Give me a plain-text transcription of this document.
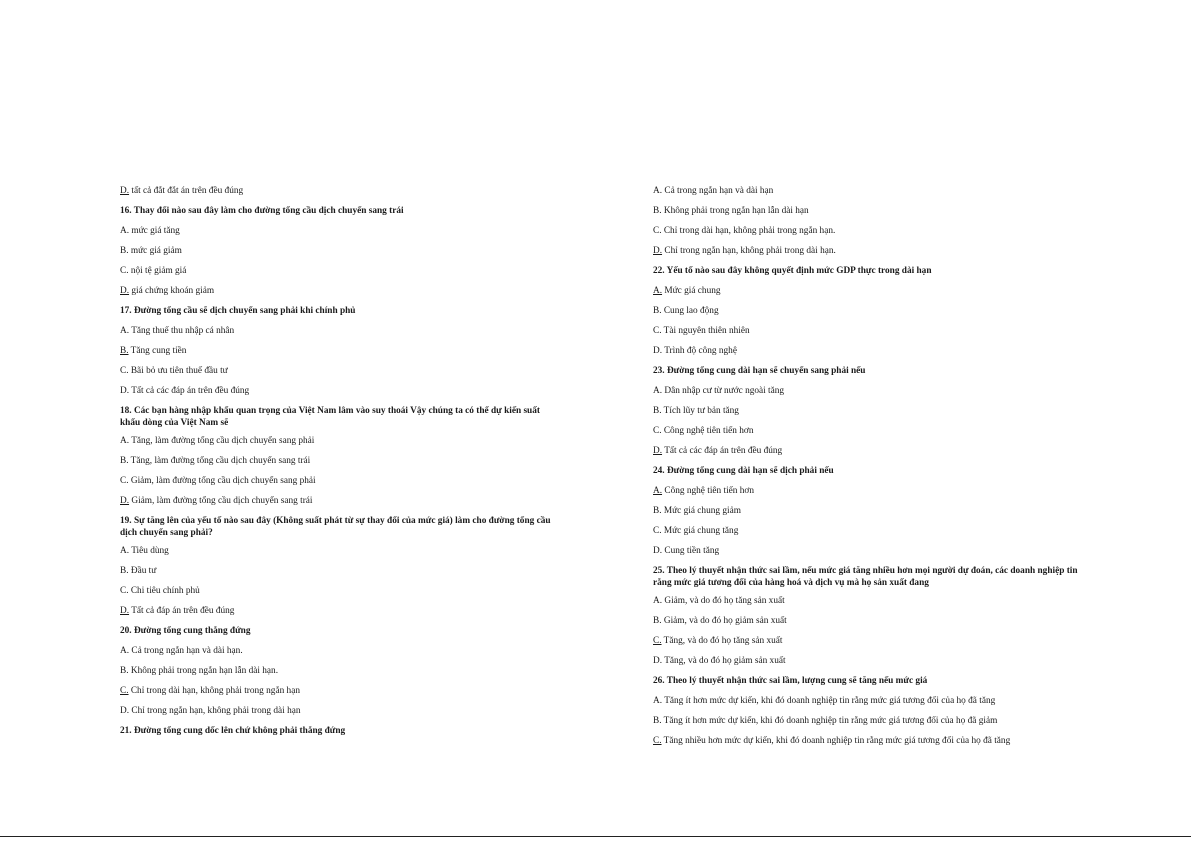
D. tất cả đắt đắt án trên đều đúng
16. Thay đổi nào sau đây làm cho đường tổng cầu dịch chuyển sang trái
A. mức giá tăng
B. mức giá giảm
C. nội tệ giảm giá
D. giá chứng khoán giảm
17. Đường tổng cầu sẽ dịch chuyển sang phải khi chính phủ
A. Tăng thuế thu nhập cá nhân
B. Tăng cung tiền
C. Bãi bỏ ưu tiên thuế đầu tư
D. Tất cả các đáp án trên đều đúng
18. Các bạn hàng nhập khẩu quan trọng của Việt Nam lâm vào suy thoái Vậy chúng ta có thể dự kiến suất khẩu dòng của Việt Nam sẽ
A. Tăng, làm đường tổng cầu dịch chuyển sang phải
B. Tăng, làm đường tổng cầu dịch chuyển sang trái
C. Giảm, làm đường tổng cầu dịch chuyển sang phải
D. Giảm, làm đường tổng cầu dịch chuyển sang trái
19. Sự tăng lên của yếu tố nào sau đây (Không suất phát từ sự thay đổi của mức giá) làm cho đường tổng cầu dịch chuyển sang phải?
A. Tiêu dùng
B. Đầu tư
C. Chi tiêu chính phủ
D. Tất cả đáp án trên đều đúng
20. Đường tổng cung thẳng đứng
A. Cả trong ngắn hạn và dài hạn.
B. Không phải trong ngắn hạn lẫn dài hạn.
C. Chỉ trong dài hạn, không phải trong ngắn hạn
D. Chỉ trong ngắn hạn, không phải trong dài hạn
21. Đường tổng cung dốc lên chứ không phải thẳng đứng
A. Cả trong ngắn hạn và dài hạn
B. Không phải trong ngắn hạn lẫn dài hạn
C. Chỉ trong dài hạn, không phải trong ngắn hạn.
D. Chỉ trong ngắn hạn, không phải trong dài hạn.
22. Yếu tố nào sau đây không quyết định mức GDP thực trong dài hạn
A. Mức giá chung
B. Cung lao động
C. Tài nguyên thiên nhiên
D. Trình độ công nghệ
23. Đường tổng cung dài hạn sẽ chuyển sang phải nếu
A. Dân nhập cư từ nước ngoài tăng
B. Tích lũy tư bản tăng
C. Công nghệ tiên tiến hơn
D. Tất cả các đáp án trên đều đúng
24. Đường tổng cung dài hạn sẽ dịch phải nếu
A. Công nghệ tiên tiến hơn
B. Mức giá chung giảm
C. Mức giá chung tăng
D. Cung tiền tăng
25. Theo lý thuyết nhận thức sai lầm, nếu mức giá tăng nhiều hơn mọi người dự đoán, các doanh nghiệp tin rằng mức giá tương đối của hàng hoá và dịch vụ mà họ sản xuất đang
A. Giảm, và do đó họ tăng sản xuất
B. Giảm, và do đó họ giảm sản xuất
C. Tăng, và do đó họ tăng sản xuất
D. Tăng, và do đó họ giảm sản xuất
26. Theo lý thuyết nhận thức sai lầm, lượng cung sẽ tăng nếu mức giá
A. Tăng ít hơn mức dự kiến, khi đó doanh nghiệp tin rằng mức giá tương đối của họ đã tăng
B. Tăng ít hơn mức dự kiến, khi đó doanh nghiệp tin rằng mức giá tương đối của họ đã giảm
C. Tăng nhiều hơn mức dự kiến, khi đó doanh nghiệp tin rằng mức giá tương đối của họ đã tăng
